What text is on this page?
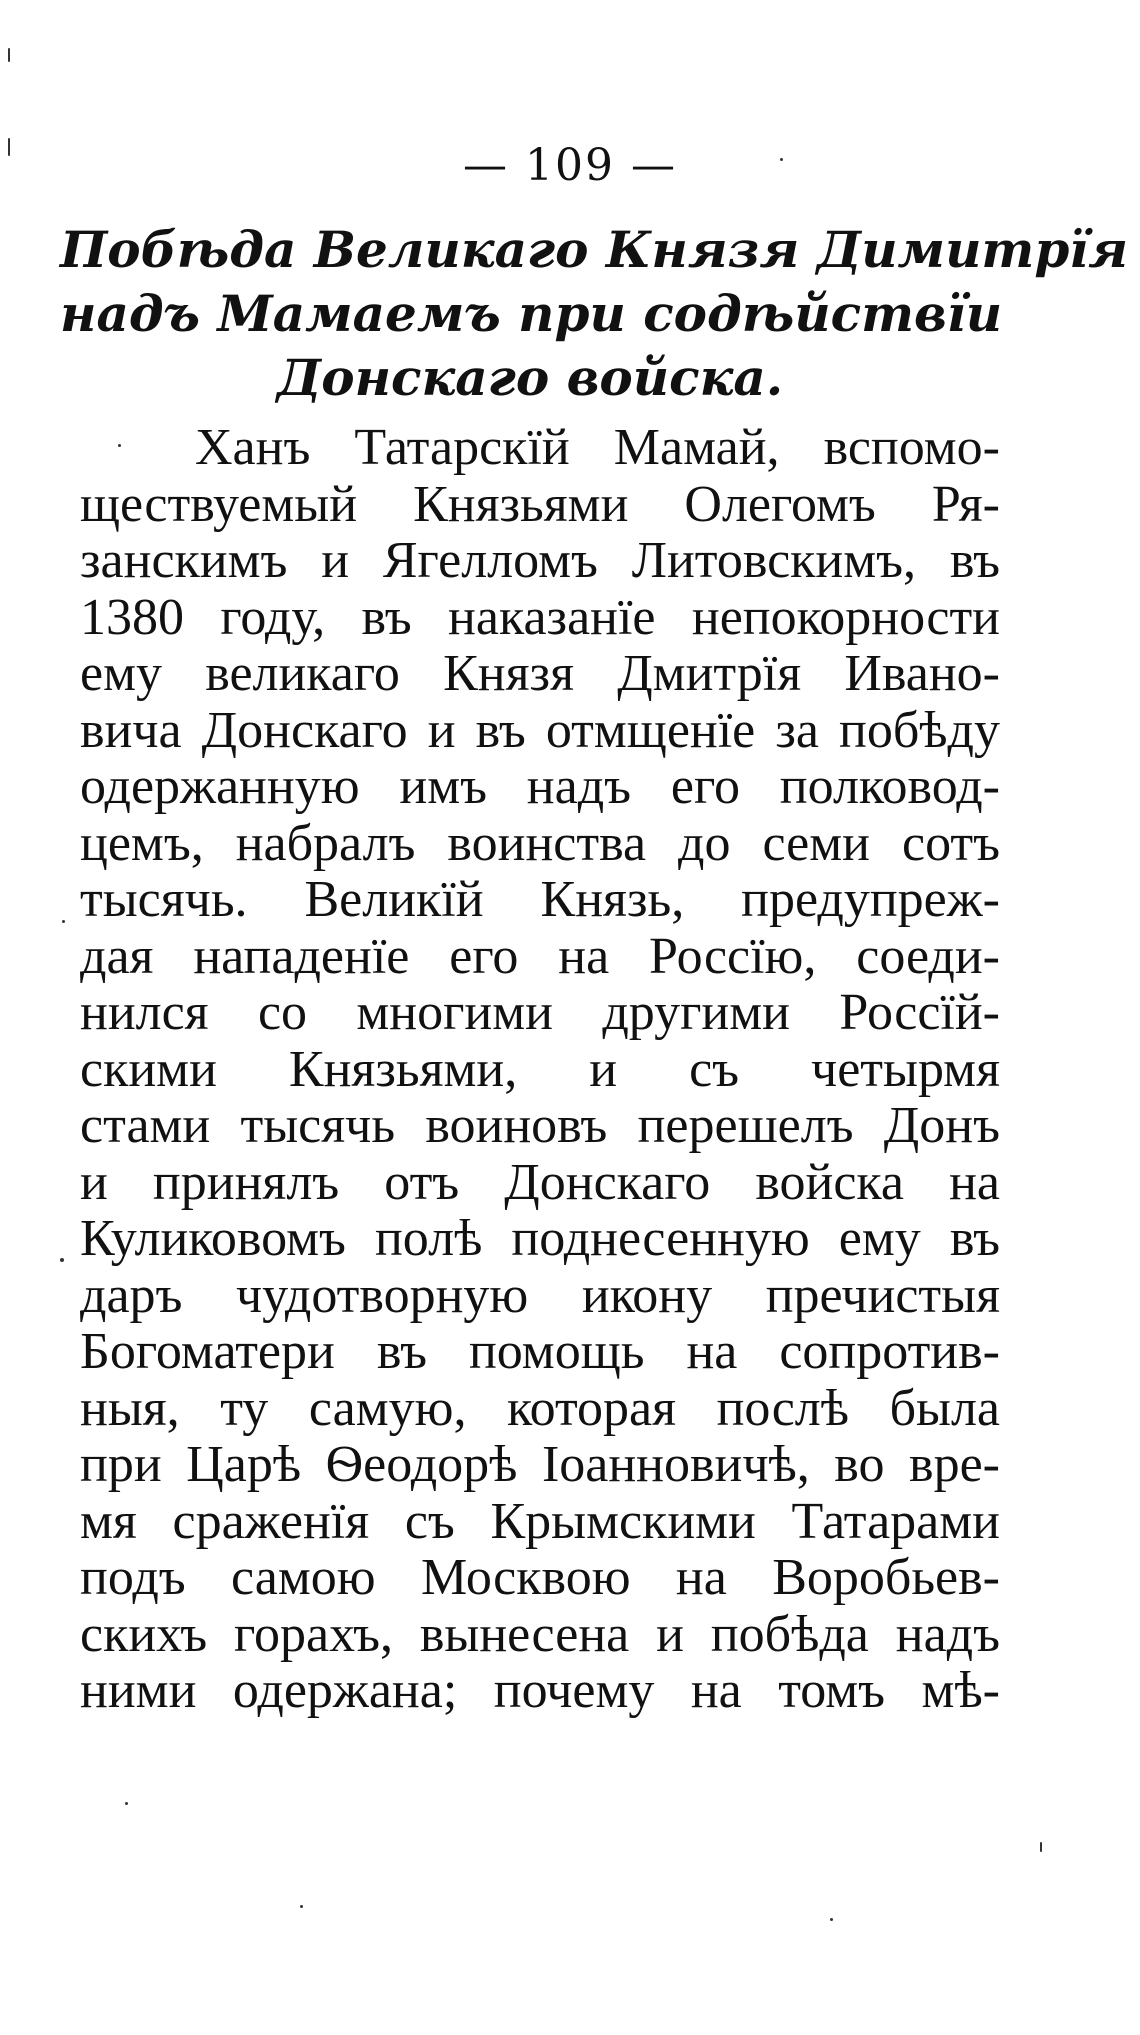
— 109 —
Побѣда Великаго Князя Димитрїя
надъ Мамаемъ при содѣйствїи
Донскаго войска.
Ханъ Татарскїй Мамай, вспомо-
ществуемый Князьями Олегомъ Ря-
занскимъ и Ягелломъ Литовскимъ, въ
1380 году, въ наказанїе непокорности
ему великаго Князя Дмитрїя Ивано-
вича Донскаго и въ отмщенїе за побѣду
одержанную имъ надъ его полковод-
цемъ, набралъ воинства до семи сотъ
тысячь. Великїй Князь, предупреж-
дая нападенїе его на Россїю, соеди-
нился со многими другими Россїй-
скими Князьями, и съ четырмя
стами тысячь воиновъ перешелъ Донъ
и принялъ отъ Донскаго войска на
Куликовомъ полѣ поднесенную ему въ
даръ чудотворную икону пречистыя
Богоматери въ помощь на сопротив-
ныя, ту самую, которая послѣ была
при Царѣ Ѳеодорѣ Іоанновичѣ, во вре-
мя сраженїя съ Крымскими Татарами
подъ самою Москвою на Воробьев-
скихъ горахъ, вынесена и побѣда надъ
ними одержана; почему на томъ мѣ-
